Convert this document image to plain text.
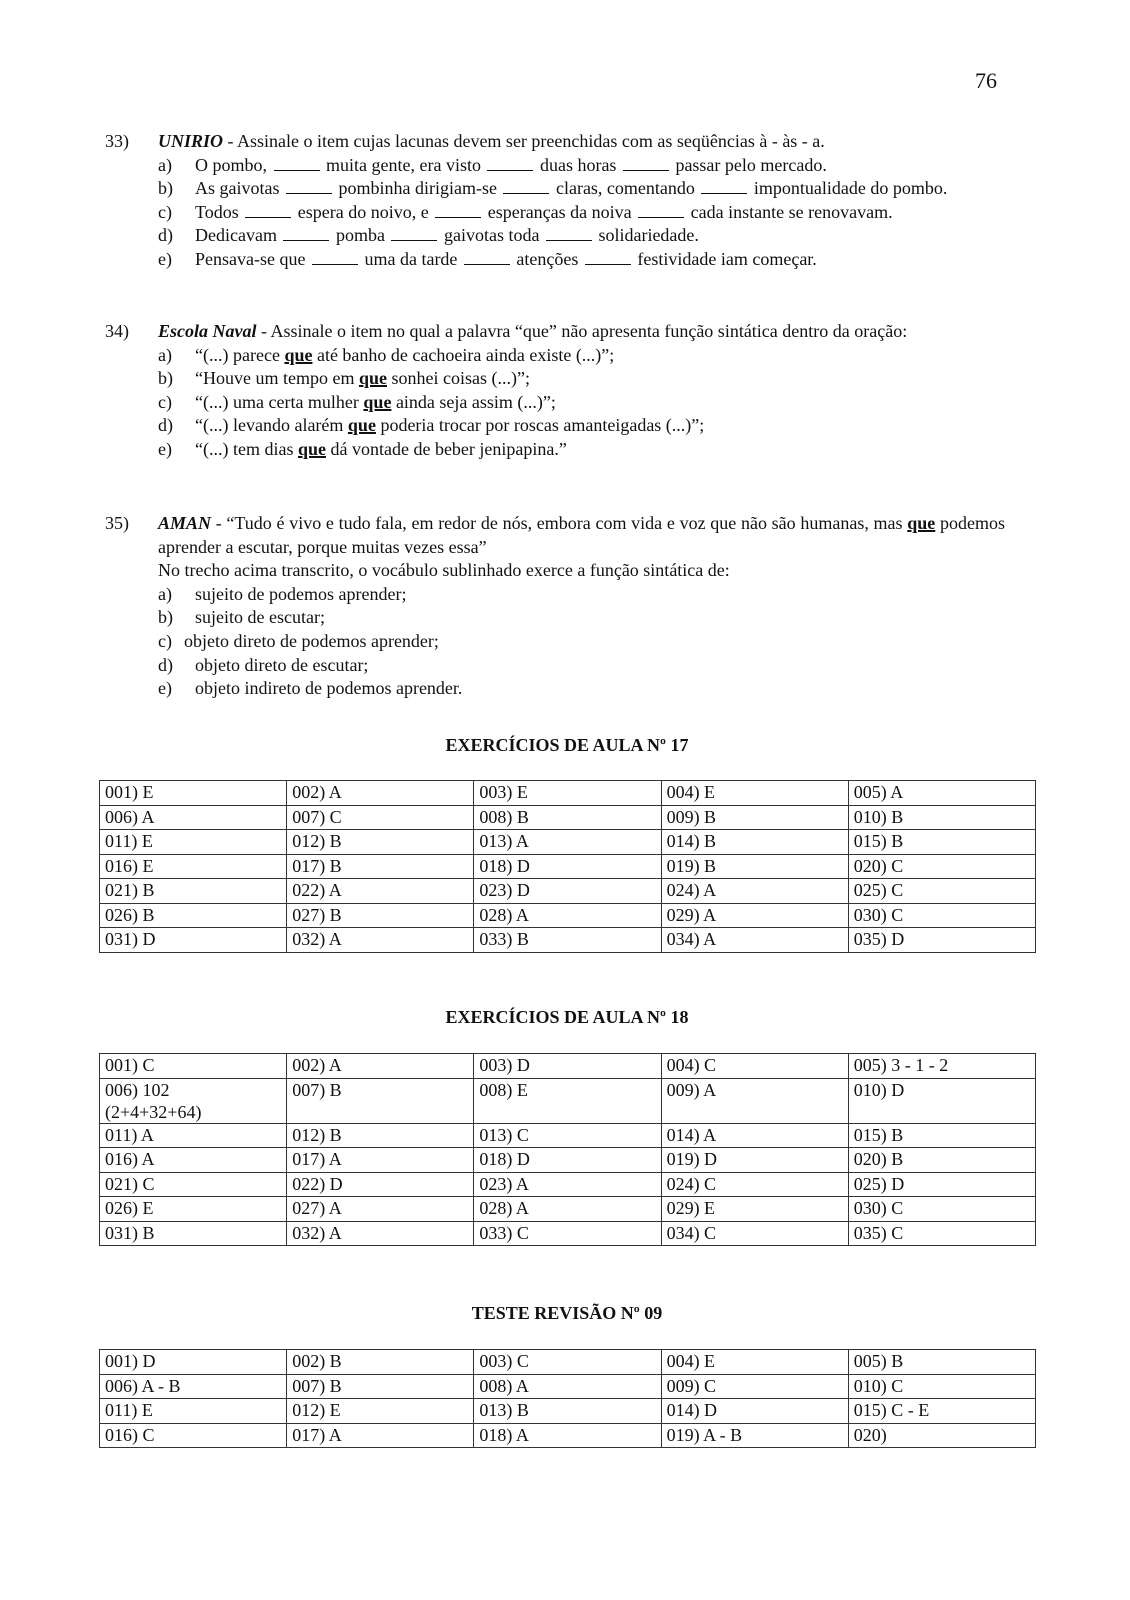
76
33) UNIRIO - Assinale o item cujas lacunas devem ser preenchidas com as seqüências à - às - a.
a)	O pombo,	muita gente, era visto	duas horas	passar pelo mercado.
b)	As gaivotas	pombinha dirigiam-se	claras, comentando	impontualidade do pombo.
c)	Todos	espera do noivo, e	esperanças da noiva	cada instante se renovavam.
d)	Dedicavam	pomba	gaivotas toda	solidariedade.
e)	Pensava-se que	uma da tarde	atenções	festividade iam começar.
34) Escola Naval - Assinale o item no qual a palavra “que” não apresenta função sintática dentro da oração:
a)	“(...) parece que até banho de cachoeira ainda existe (...)”;
b)	“Houve um tempo em que sonhei coisas (...)”;
c)	“(...) uma certa mulher que ainda seja assim (...)”;
d)	“(...) levando alarém que poderia trocar por roscas amanteigadas (...)”;
e)	“(...) tem dias que dá vontade de beber jenipapina.”
35) AMAN - “Tudo é vivo e tudo fala, em redor de nós, embora com vida e voz que não são humanas, mas que podemos aprender a escutar, porque muitas vezes essa”
No trecho acima transcrito, o vocábulo sublinhado exerce a função sintática de:
a)	sujeito de podemos aprender;
b)	sujeito de escutar;
c) objeto direto de podemos aprender;
d)	objeto direto de escutar;
e)	objeto indireto de podemos aprender.
EXERCÍCIOS DE AULA Nº 17
001) E	002) A	003) E	004) E	005) A
006) A	007) C	008) B	009) B	010) B
011) E	012) B	013) A	014) B	015) B
016) E	017) B	018) D	019) B	020) C
021) B	022) A	023) D	024) A	025) C
026) B	027) B	028) A	029) A	030) C
031) D	032) A	033) B	034) A	035) D
EXERCÍCIOS DE AULA Nº 18
001) C	002) A	003) D	004) C	005) 3 - 1 - 2
006) 102
(2+4+32+64)	007) B	008) E	009) A	010) D
011) A	012) B	013) C	014) A	015) B
016) A	017) A	018) D	019) D	020) B
021) C	022) D	023) A	024) C	025) D
026) E	027) A	028) A	029) E	030) C
031) B	032) A	033) C	034) C	035) C
TESTE REVISÃO Nº 09
001) D	002) B	003) C	004) E	005) B
006) A - B	007) B	008) A	009) C	010) C
011) E	012) E	013) B	014) D	015) C - E
016) C	017) A	018) A	019) A - B	020)
